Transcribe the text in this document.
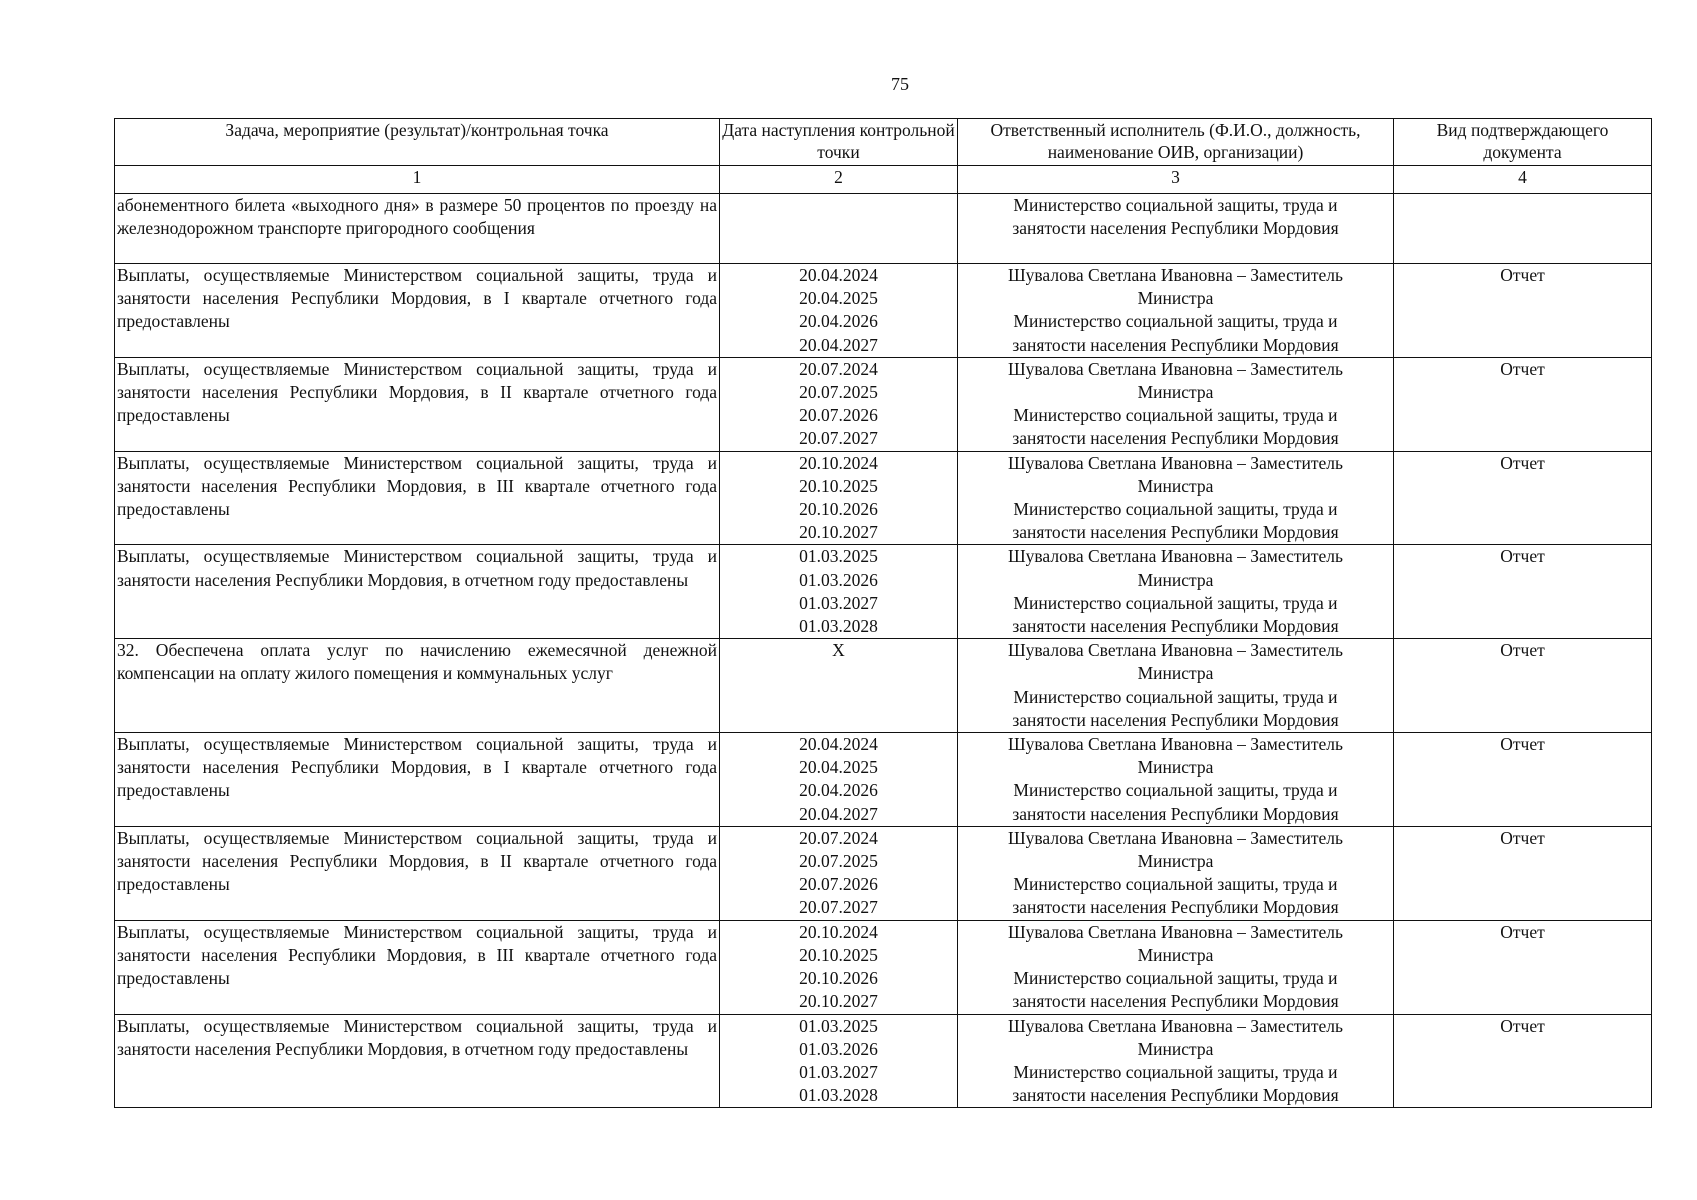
75
Задача, мероприятие (результат)/контрольная точка	Дата наступления контрольной точки	Ответственный исполнитель (Ф.И.О., должность, наименование ОИВ, организации)	Вид подтверждающего документа
1	2	3	4
абонементного билета «выходного дня» в размере 50 процентов по проезду на железнодорожном транспорте пригородного сообщения		Министерство социальной защиты, труда и
занятости населения Республики Мордовия	

Выплаты, осуществляемые Министерством социальной защиты, труда и занятости населения Республики Мордовия, в I квартале отчетного года предоставлены	20.04.2024
20.04.2025
20.04.2026
20.04.2027	Шувалова Светлана Ивановна – Заместитель
Министра
Министерство социальной защиты, труда и
занятости населения Республики Мордовия	Отчет
Выплаты, осуществляемые Министерством социальной защиты, труда и занятости населения Республики Мордовия, в II квартале отчетного года предоставлены	20.07.2024
20.07.2025
20.07.2026
20.07.2027	Шувалова Светлана Ивановна – Заместитель
Министра
Министерство социальной защиты, труда и
занятости населения Республики Мордовия	Отчет
Выплаты, осуществляемые Министерством социальной защиты, труда и занятости населения Республики Мордовия, в III квартале отчетного года предоставлены	20.10.2024
20.10.2025
20.10.2026
20.10.2027	Шувалова Светлана Ивановна – Заместитель
Министра
Министерство социальной защиты, труда и
занятости населения Республики Мордовия	Отчет
Выплаты, осуществляемые Министерством социальной защиты, труда и занятости населения Республики Мордовия, в отчетном году предоставлены	01.03.2025
01.03.2026
01.03.2027
01.03.2028	Шувалова Светлана Ивановна – Заместитель
Министра
Министерство социальной защиты, труда и
занятости населения Республики Мордовия	Отчет
32. Обеспечена оплата услуг по начислению ежемесячной денежной компенсации на оплату жилого помещения и коммунальных услуг	X	Шувалова Светлана Ивановна – Заместитель
Министра
Министерство социальной защиты, труда и
занятости населения Республики Мордовия	Отчет
Выплаты, осуществляемые Министерством социальной защиты, труда и занятости населения Республики Мордовия, в I квартале отчетного года предоставлены	20.04.2024
20.04.2025
20.04.2026
20.04.2027	Шувалова Светлана Ивановна – Заместитель
Министра
Министерство социальной защиты, труда и
занятости населения Республики Мордовия	Отчет
Выплаты, осуществляемые Министерством социальной защиты, труда и занятости населения Республики Мордовия, в II квартале отчетного года предоставлены	20.07.2024
20.07.2025
20.07.2026
20.07.2027	Шувалова Светлана Ивановна – Заместитель
Министра
Министерство социальной защиты, труда и
занятости населения Республики Мордовия	Отчет
Выплаты, осуществляемые Министерством социальной защиты, труда и занятости населения Республики Мордовия, в III квартале отчетного года предоставлены	20.10.2024
20.10.2025
20.10.2026
20.10.2027	Шувалова Светлана Ивановна – Заместитель
Министра
Министерство социальной защиты, труда и
занятости населения Республики Мордовия	Отчет
Выплаты, осуществляемые Министерством социальной защиты, труда и занятости населения Республики Мордовия, в отчетном году предоставлены	01.03.2025
01.03.2026
01.03.2027
01.03.2028	Шувалова Светлана Ивановна – Заместитель
Министра
Министерство социальной защиты, труда и
занятости населения Республики Мордовия	Отчет
